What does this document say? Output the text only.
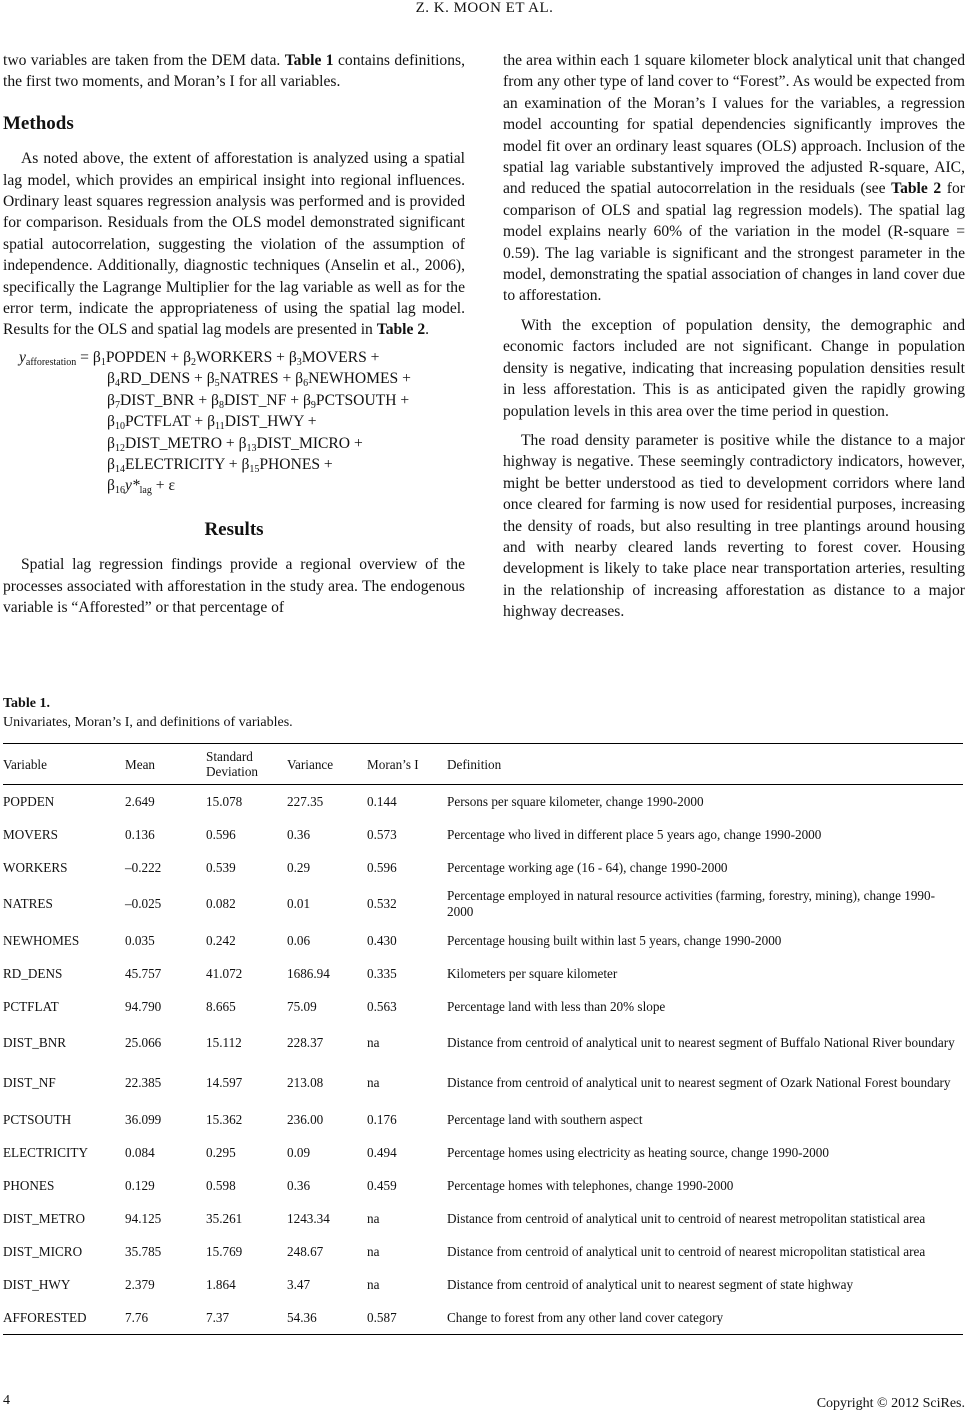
Z. K. MOON ET AL.

two variables are taken from the DEM data. Table 1 contains definitions, the first two moments, and Moran’s I for all variables.

Methods

As noted above, the extent of afforestation is analyzed using a spatial lag model, which provides an empirical insight into regional influences. Ordinary least squares regression analysis was performed and is provided for comparison. Residuals from the OLS model demonstrated significant spatial autocorrelation, suggesting the violation of the assumption of independence. Additionally, diagnostic techniques (Anselin et al., 2006), specifically the Lagrange Multiplier for the lag variable as well as for the error term, indicate the appropriateness of using the spatial lag model. Results for the OLS and spatial lag models are presented in Table 2.

$y_{afforestation}$ = $\beta_1POPDEN$ + $\beta_2WORKERS$ + $\beta_3MOVERS$ +
$\beta_4RD\_DENS$ + $\beta_5NATRES$ + $\beta_6NEWHOMES$ +
$\beta_7DIST\_BNR$ + $\beta_8DIST\_NF$ + $\beta_9PCTSOUTH$ +
$\beta_{10}PCTFLAT$ + $\beta_{11}DIST\_HWY$ +
$\beta_{12}DIST\_METRO$ + $\beta_{13}DIST\_MICRO$ +
$\beta_{14}ELECTRICITY$ + $\beta_{15}PHONES$ +
$\beta_{16}y*_{lag} + \varepsilon$
Results

Spatial lag regression findings provide a regional overview of the processes associated with afforestation in the study area. The endogenous variable is “Afforested” or that percentage of

the area within each 1 square kilometer block analytical unit that changed from any other type of land cover to “Forest”. As would be expected from an examination of the Moran’s I values for the variables, a regression model accounting for spatial dependencies significantly improves the model fit over an ordinary least squares (OLS) approach. Inclusion of the spatial lag variable substantively improved the adjusted R-square, AIC, and reduced the spatial autocorrelation in the residuals (see Table 2 for comparison of OLS and spatial lag regression models). The spatial lag model explains nearly 60% of the variation in the model (R-square = 0.59). The lag variable is significant and the strongest parameter in the model, demonstrating the spatial association of changes in land cover due to afforestation.

With the exception of population density, the demographic and economic factors included are not significant. Change in population density is negative, indicating that increasing population densities result in less afforestation. This is as anticipated given the rapidly growing population levels in this area over the time period in question.

The road density parameter is positive while the distance to a major highway is negative. These seemingly contradictory indicators, however, might be better understood as tied to development corridors where land once cleared for farming is now used for residential purposes, increasing the density of roads, but also resulting in tree plantings around housing and with nearby cleared lands reverting to forest cover. Housing development is likely to take place near transportation arteries, resulting in the relationship of increasing afforestation as distance to a major highway decreases.

Table 1.
Univariates, Moran’s I, and definitions of variables.
Variable	Mean	Standard Deviation	Variance	Moran’s I	Definition
POPDEN	2.649	15.078	227.35	0.144	Persons per square kilometer, change 1990-2000
MOVERS	0.136	0.596	0.36	0.573	Percentage who lived in different place 5 years ago, change 1990-2000
WORKERS	–0.222	0.539	0.29	0.596	Percentage working age (16 - 64), change 1990-2000
NATRES	–0.025	0.082	0.01	0.532	Percentage employed in natural resource activities (farming, forestry, mining), change 1990-2000
NEWHOMES	0.035	0.242	0.06	0.430	Percentage housing built within last 5 years, change 1990-2000
RD_DENS	45.757	41.072	1686.94	0.335	Kilometers per square kilometer
PCTFLAT	94.790	8.665	75.09	0.563	Percentage land with less than 20% slope
DIST_BNR	25.066	15.112	228.37	na	Distance from centroid of analytical unit to nearest segment of Buffalo National River boundary
DIST_NF	22.385	14.597	213.08	na	Distance from centroid of analytical unit to nearest segment of Ozark National Forest boundary
PCTSOUTH	36.099	15.362	236.00	0.176	Percentage land with southern aspect
ELECTRICITY	0.084	0.295	0.09	0.494	Percentage homes using electricity as heating source, change 1990-2000
PHONES	0.129	0.598	0.36	0.459	Percentage homes with telephones, change 1990-2000
DIST_METRO	94.125	35.261	1243.34	na	Distance from centroid of analytical unit to centroid of nearest metropolitan statistical area
DIST_MICRO	35.785	15.769	248.67	na	Distance from centroid of analytical unit to centroid of nearest micropolitan statistical area
DIST_HWY	2.379	1.864	3.47	na	Distance from centroid of analytical unit to nearest segment of state highway
AFFORESTED	7.76	7.37	54.36	0.587	Change to forest from any other land cover category
4	Copyright © 2012 SciRes.
